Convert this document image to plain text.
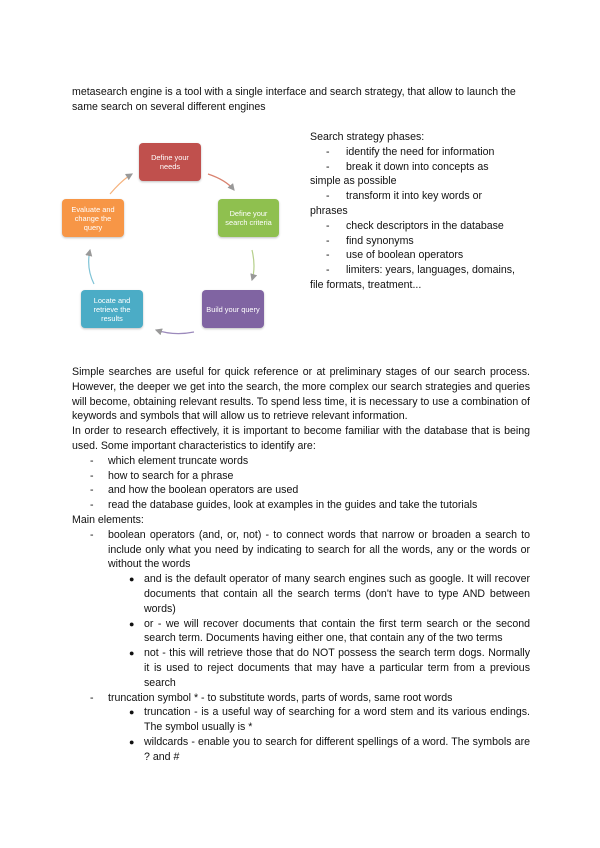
metasearch engine is a tool with a single interface and search strategy, that allow to launch the same search on several different engines
Define your needs
Define your search criteria
Build your query
Locate and retrieve the results
Evaluate and change the query
Search strategy phases:
- identify the need for information
- break it down into concepts as
simple as possible
- transform it into key words or
phrases
- check descriptors in the database
- find synonyms
- use of boolean operators
- limiters: years, languages, domains,
file formats, treatment...
Simple searches are useful for quick reference or at preliminary stages of our search process. However, the deeper we get into the search, the more complex our search strategies and queries will become, obtaining relevant results. To spend less time, it is necessary to use a combination of keywords and symbols that will allow us to retrieve relevant information.
In order to research effectively, it is important to become familiar with the database that is being used. Some important characteristics to identify are:
- which element truncate words
- how to search for a phrase
- and how the boolean operators are used
- read the database guides, look at examples in the guides and take the tutorials
Main elements:
- boolean operators (and, or, not) - to connect words that narrow or broaden a search to include only what you need by indicating to search for all the words, any or the words or without the words
● and is the default operator of many search engines such as google. It will recover documents that contain all the search terms (don't have to type AND between words)
● or - we will recover documents that contain the first term search or the second search term. Documents having either one, that contain any of the two terms
● not - this will retrieve those that do NOT possess the search term dogs. Normally it is used to reject documents that may have a particular term from a previous search
- truncation symbol * - to substitute words, parts of words, same root words
● truncation - is a useful way of searching for a word stem and its various endings. The symbol usually is *
● wildcards - enable you to search for different spellings of a word. The symbols are ? and #
